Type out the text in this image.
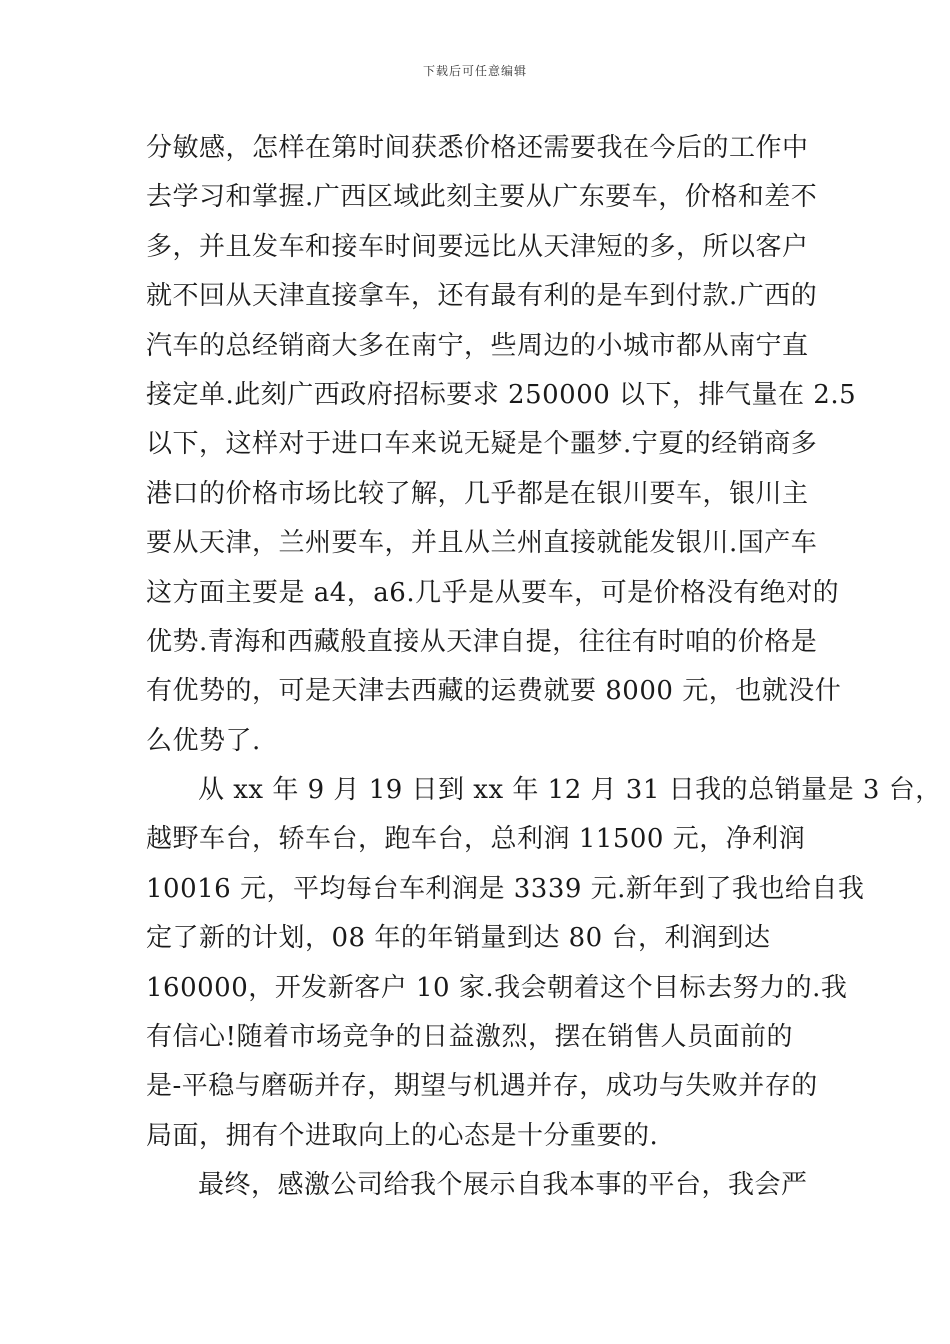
下载后可任意编辑
分敏感，怎样在第时间获悉价格还需要我在今后的工作中
去学习和掌握.广西区域此刻主要从广东要车，价格和差不
多，并且发车和接车时间要远比从天津短的多，所以客户
就不回从天津直接拿车，还有最有利的是车到付款.广西的
汽车的总经销商大多在南宁，些周边的小城市都从南宁直
接定单.此刻广西政府招标要求 250000 以下，排气量在 2.5
以下，这样对于进口车来说无疑是个噩梦.宁夏的经销商多
港口的价格市场比较了解，几乎都是在银川要车，银川主
要从天津，兰州要车，并且从兰州直接就能发银川.国产车
这方面主要是 a4，a6.几乎是从要车，可是价格没有绝对的
优势.青海和西藏般直接从天津自提，往往有时咱的价格是
有优势的，可是天津去西藏的运费就要 8000 元，也就没什
么优势了.
从 xx 年 9 月 19 日到 xx 年 12 月 31 日我的总销量是 3 台，
越野车台，轿车台，跑车台，总利润 11500 元，净利润
10016 元，平均每台车利润是 3339 元.新年到了我也给自我
定了新的计划，08 年的年销量到达 80 台，利润到达
160000，开发新客户 10 家.我会朝着这个目标去努力的.我
有信心!随着市场竞争的日益激烈，摆在销售人员面前的
是-平稳与磨砺并存，期望与机遇并存，成功与失败并存的
局面，拥有个进取向上的心态是十分重要的.
最终，感激公司给我个展示自我本事的平台，我会严
